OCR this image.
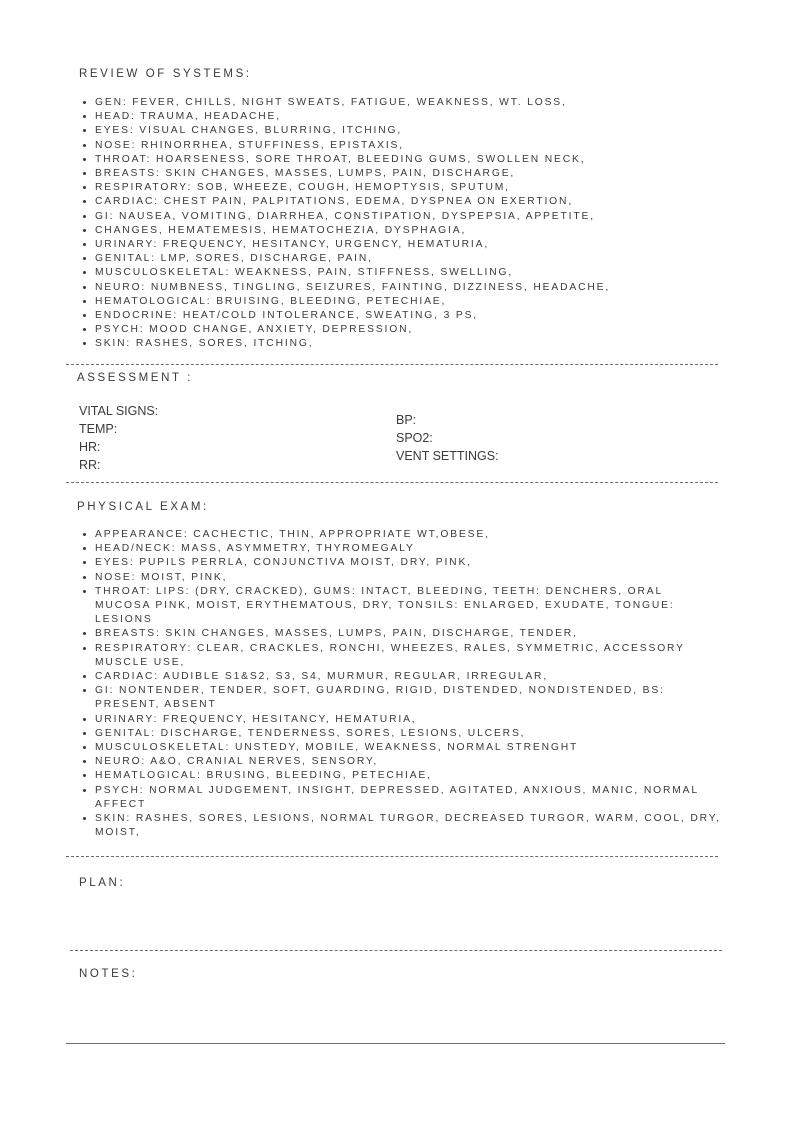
REVIEW OF SYSTEMS:
• GEN: FEVER, CHILLS, NIGHT SWEATS, FATIGUE, WEAKNESS, WT. LOSS,
• HEAD: TRAUMA, HEADACHE,
• EYES: VISUAL CHANGES, BLURRING, ITCHING,
• NOSE: RHINORRHEA, STUFFINESS, EPISTAXIS,
• THROAT: HOARSENESS, SORE THROAT, BLEEDING GUMS, SWOLLEN NECK,
• BREASTS: SKIN CHANGES, MASSES, LUMPS, PAIN, DISCHARGE,
• RESPIRATORY: SOB, WHEEZE, COUGH, HEMOPTYSIS, SPUTUM,
• CARDIAC: CHEST PAIN, PALPITATIONS, EDEMA, DYSPNEA ON EXERTION,
• GI: NAUSEA, VOMITING, DIARRHEA, CONSTIPATION, DYSPEPSIA, APPETITE,
• CHANGES, HEMATEMESIS, HEMATOCHEZIA, DYSPHAGIA,
• URINARY: FREQUENCY, HESITANCY, URGENCY, HEMATURIA,
• GENITAL: LMP, SORES, DISCHARGE, PAIN,
• MUSCULOSKELETAL: WEAKNESS, PAIN, STIFFNESS, SWELLING,
• NEURO: NUMBNESS, TINGLING, SEIZURES, FAINTING, DIZZINESS, HEADACHE,
• HEMATOLOGICAL: BRUISING, BLEEDING, PETECHIAE,
• ENDOCRINE: HEAT/COLD INTOLERANCE, SWEATING, 3 PS,
• PSYCH: MOOD CHANGE, ANXIETY, DEPRESSION,
• SKIN: RASHES, SORES, ITCHING,
ASSESSMENT :
VITAL SIGNS:
TEMP:
HR:
RR:
BP:
SPO2:
VENT SETTINGS:
PHYSICAL EXAM:
• APPEARANCE: CACHECTIC, THIN, APPROPRIATE WT,OBESE,
• HEAD/NECK: MASS, ASYMMETRY, THYROMEGALY
• EYES: PUPILS PERRLA, CONJUNCTIVA MOIST, DRY, PINK,
• NOSE: MOIST, PINK,
• THROAT: LIPS: (DRY, CRACKED), GUMS: INTACT, BLEEDING, TEETH: DENCHERS, ORAL MUCOSA PINK, MOIST, ERYTHEMATOUS, DRY, TONSILS: ENLARGED, EXUDATE, TONGUE: LESIONS
• BREASTS: SKIN CHANGES, MASSES, LUMPS, PAIN, DISCHARGE, TENDER,
• RESPIRATORY: CLEAR, CRACKLES, RONCHI, WHEEZES, RALES, SYMMETRIC, ACCESSORY MUSCLE USE,
• CARDIAC: AUDIBLE S1&S2, S3, S4, MURMUR, REGULAR, IRREGULAR,
• GI: NONTENDER, TENDER, SOFT, GUARDING, RIGID, DISTENDED, NONDISTENDED, BS: PRESENT, ABSENT
• URINARY: FREQUENCY, HESITANCY, HEMATURIA,
• GENITAL: DISCHARGE, TENDERNESS, SORES, LESIONS, ULCERS,
• MUSCULOSKELETAL: UNSTEDY, MOBILE, WEAKNESS, NORMAL STRENGHT
• NEURO: A&O, CRANIAL NERVES, SENSORY,
• HEMATLOGICAL: BRUSING, BLEEDING, PETECHIAE,
• PSYCH: NORMAL JUDGEMENT, INSIGHT, DEPRESSED, AGITATED, ANXIOUS, MANIC, NORMAL AFFECT
• SKIN: RASHES, SORES, LESIONS, NORMAL TURGOR, DECREASED TURGOR, WARM, COOL, DRY, MOIST,
PLAN:
NOTES:
